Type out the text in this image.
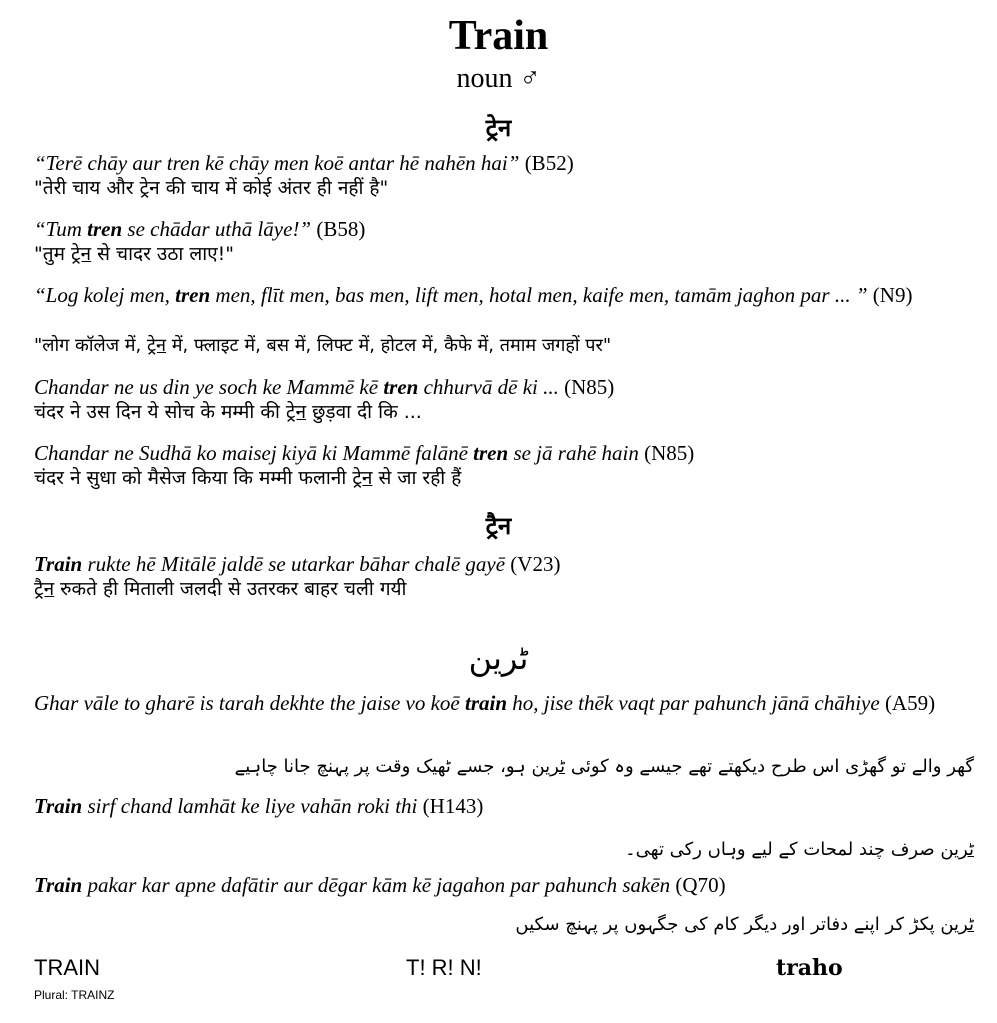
Train
noun ♂
ट्रेन
“Terē chāy aur tren kē chāy men koē antar hē nahēn hai” (B52)
"तेरी चाय और ट्रेन की चाय में कोई अंतर ही नहीं है"
“Tum tren se chādar uthā lāye!” (B58)
"तुम ट्रेन से चादर उठा लाए!"
“Log kolej men, tren men, flīt men, bas men, lift men, hotal men, kaife men, tamām jaghon par ... ” (N9)
"लोग कॉलेज में, ट्रेन में, फ्लाइट में, बस में, लिफ्ट में, होटल में, कैफे में, तमाम जगहों पर"
Chandar ne us din ye soch ke Mammē kē tren chhurvā dē ki ... (N85)
चंदर ने उस दिन ये सोच के मम्मी की ट्रेन छुड़वा दी कि ...
Chandar ne Sudhā ko maisej kiyā ki Mammē falānē tren se jā rahē hain (N85)
चंदर ने सुधा को मैसेज किया कि मम्मी फलानी ट्रेन से जा रही हैं
ट्रैन
Train rukte hē Mitālē jaldē se utarkar bāhar chalē gayē (V23)
ट्रैन रुकते ही मिताली जलदी से उतरकर बाहर चली गयी
ٹرین
Ghar vāle to gharē is tarah dekhte the jaise vo koē train ho, jise thēk vaqt par pahunch jānā chāhiye (A59)
گھر والے تو گھڑی اس طرح دیکھتے تھے جیسے وہ کوئی ٹرین ہو، جسے ٹھیک وقت پر پہنچ جانا چاہیے
Train sirf chand lamhāt ke liye vahān roki thi (H143)
ٹرین صرف چند لمحات کے لیے وہاں رکی تھی۔
Train pakar kar apne dafātir aur dēgar kām kē jagahon par pahunch sakēn (Q70)
ٹرین پکڑ کر اپنے دفاتر اور دیگر کام کی جگہوں پر پہنچ سکیں
TRAIN
Plural: TRAINZ
T! R! N!	traho
